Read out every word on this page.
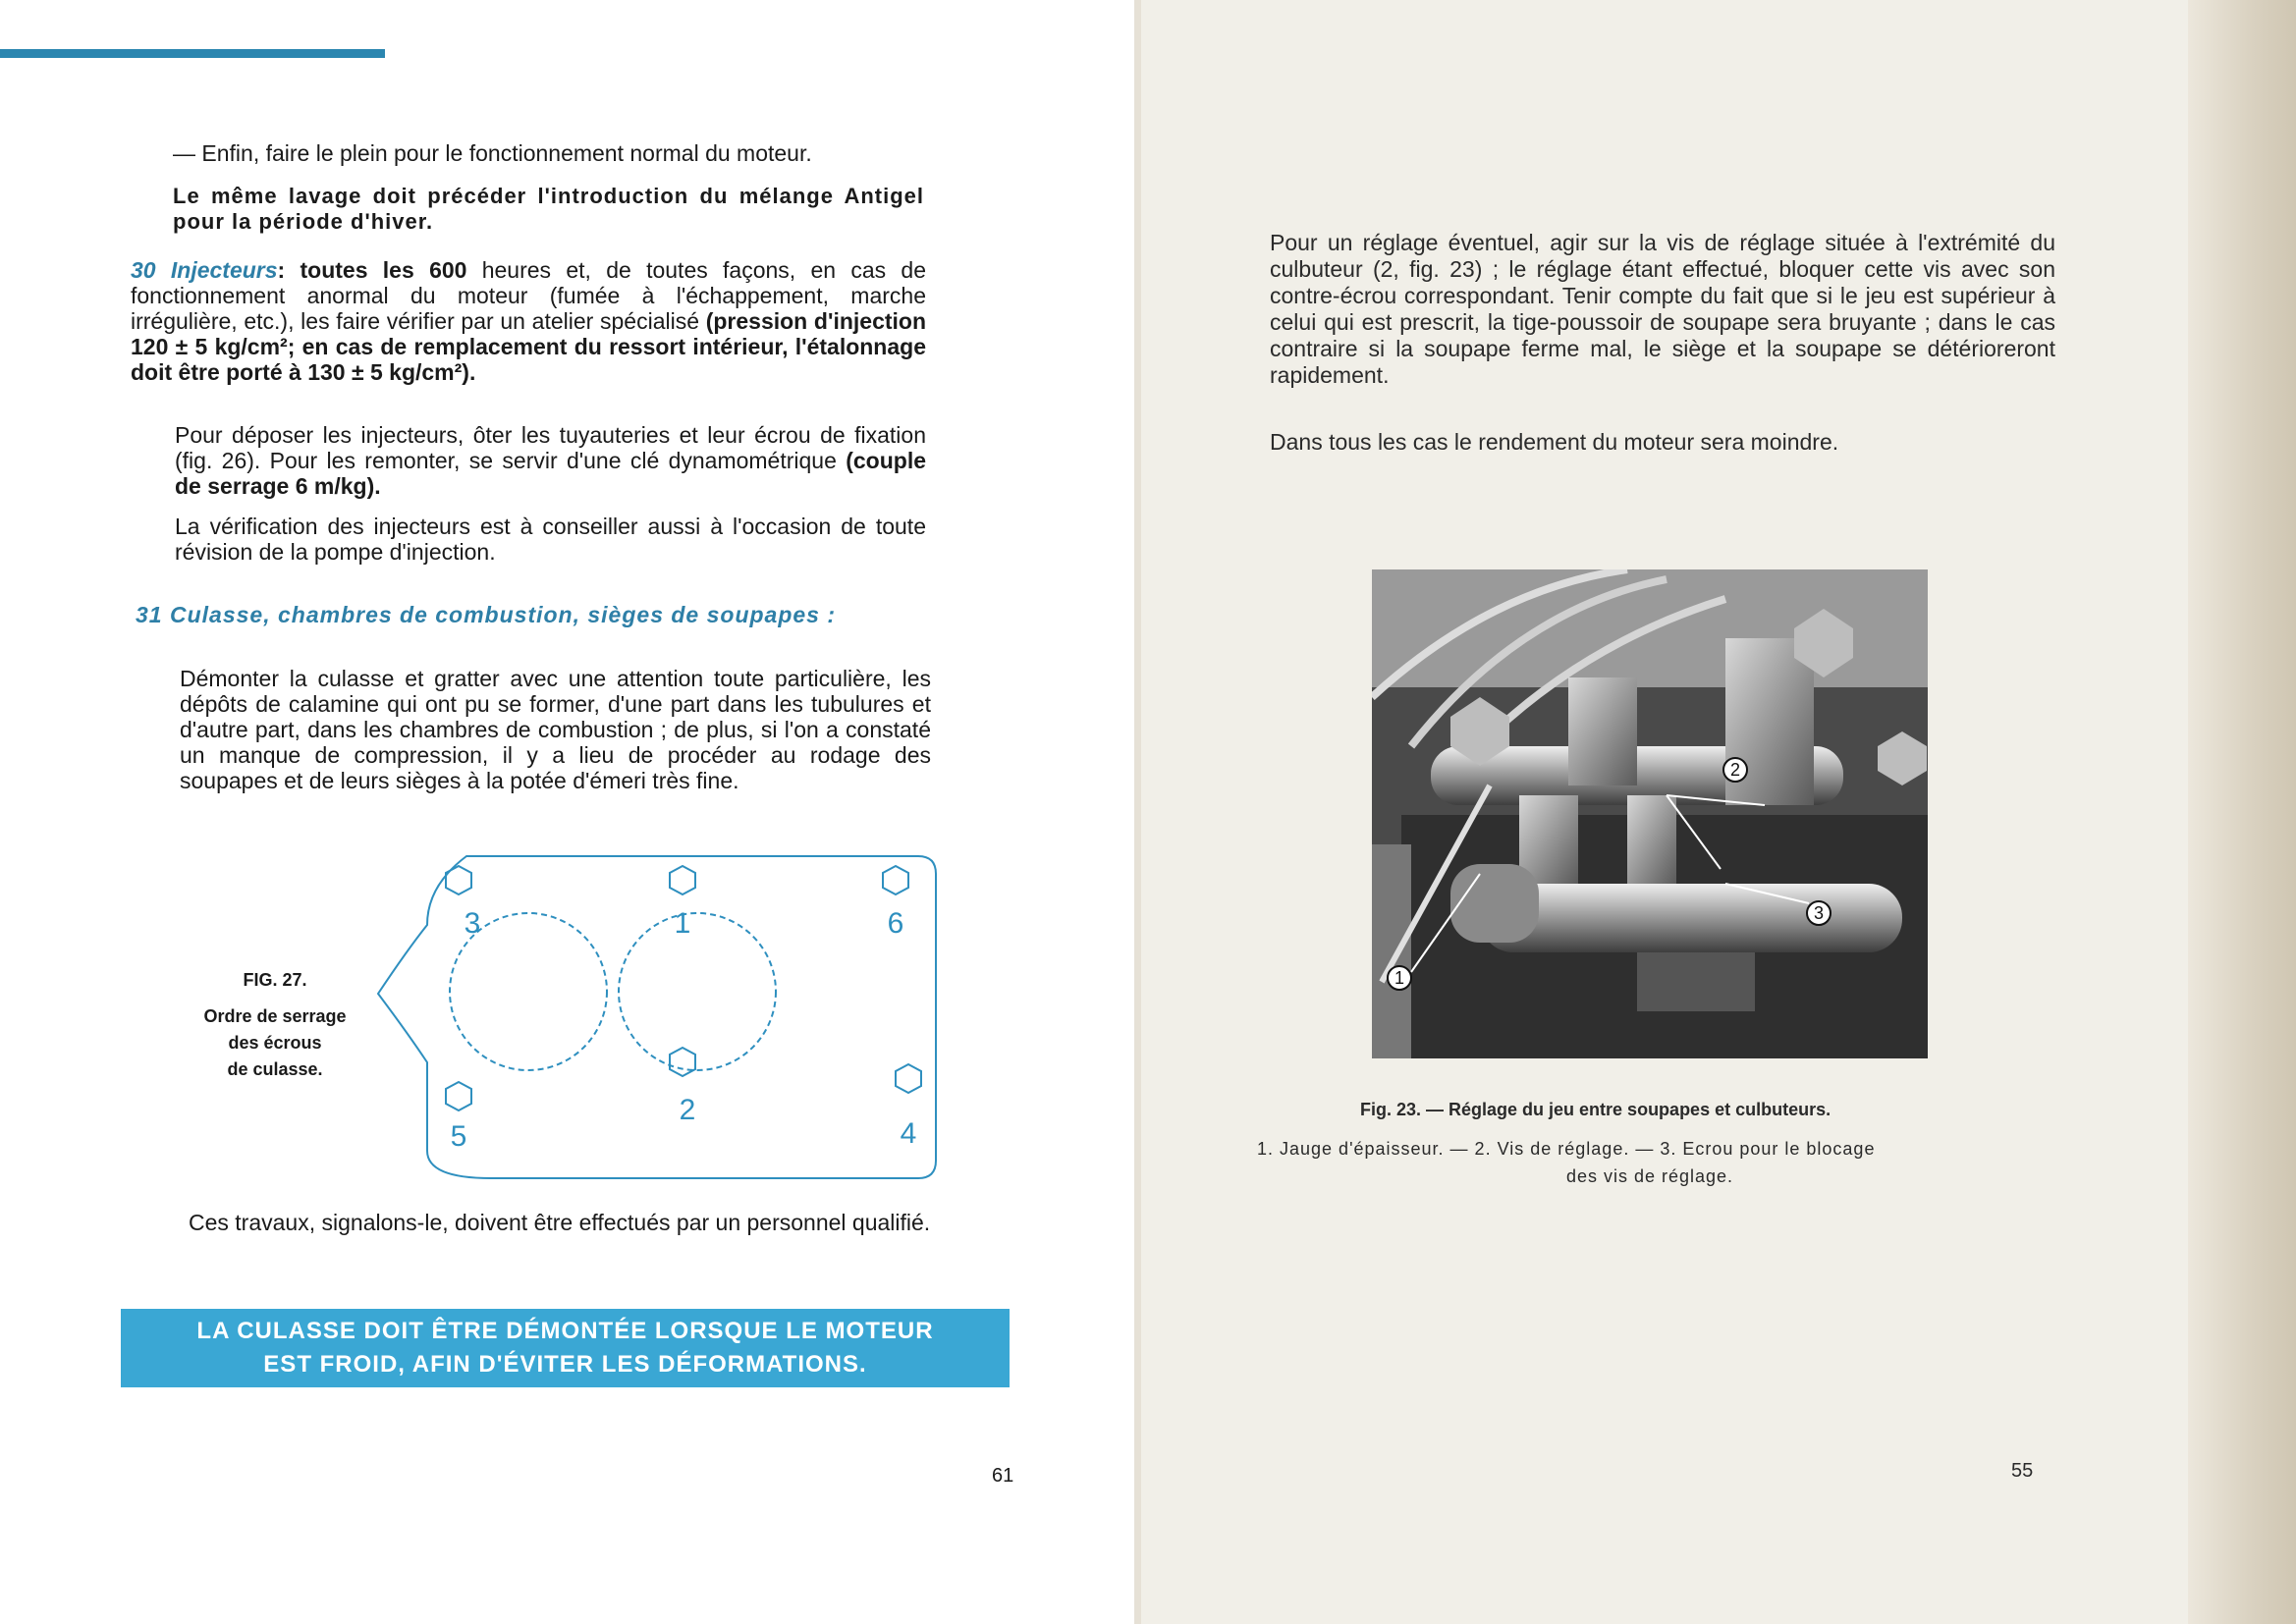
— Enfin, faire le plein pour le fonctionnement normal du moteur.
Le même lavage doit précéder l'introduction du mélange Antigel pour la période d'hiver.
30 Injecteurs: toutes les 600 heures et, de toutes façons, en cas de fonctionnement anormal du moteur (fumée à l'échappement, marche irrégulière, etc.), les faire vérifier par un atelier spécialisé (pression d'injection 120 ± 5 kg/cm²; en cas de remplacement du ressort intérieur, l'étalonnage doit être porté à 130 ± 5 kg/cm²).
Pour déposer les injecteurs, ôter les tuyauteries et leur écrou de fixation (fig. 26). Pour les remonter, se servir d'une clé dynamométrique (couple de serrage 6 m/kg).
La vérification des injecteurs est à conseiller aussi à l'occasion de toute révision de la pompe d'injection.
31 Culasse, chambres de combustion, sièges de soupapes :
Démonter la culasse et gratter avec une attention toute particulière, les dépôts de calamine qui ont pu se former, d'une part dans les tubulures et d'autre part, dans les chambres de combustion ; de plus, si l'on a constaté un manque de compression, il y a lieu de procéder au rodage des soupapes et de leurs sièges à la potée d'émeri très fine.
FIG. 27.
Ordre de serrage
des écrous
de culasse.
3	1	6
5
2
4
Ces travaux, signalons-le, doivent être effectués par un personnel qualifié.
LA CULASSE DOIT ÊTRE DÉMONTÉE LORSQUE LE MOTEUR
EST FROID, AFIN D'ÉVITER LES DÉFORMATIONS.
61
Pour un réglage éventuel, agir sur la vis de réglage située à l'extrémité du culbuteur (2, fig. 23) ; le réglage étant effectué, bloquer cette vis avec son contre-écrou correspondant. Tenir compte du fait que si le jeu est supérieur à celui qui est prescrit, la tige-poussoir de soupape sera bruyante ; dans le cas contraire si la soupape ferme mal, le siège et la soupape se détérioreront rapidement.
Dans tous les cas le rendement du moteur sera moindre.
1
2
3
Fig. 23. — Réglage du jeu entre soupapes et culbuteurs.
1. Jauge d'épaisseur. — 2. Vis de réglage. — 3. Ecrou pour le blocage
des vis de réglage.
55
